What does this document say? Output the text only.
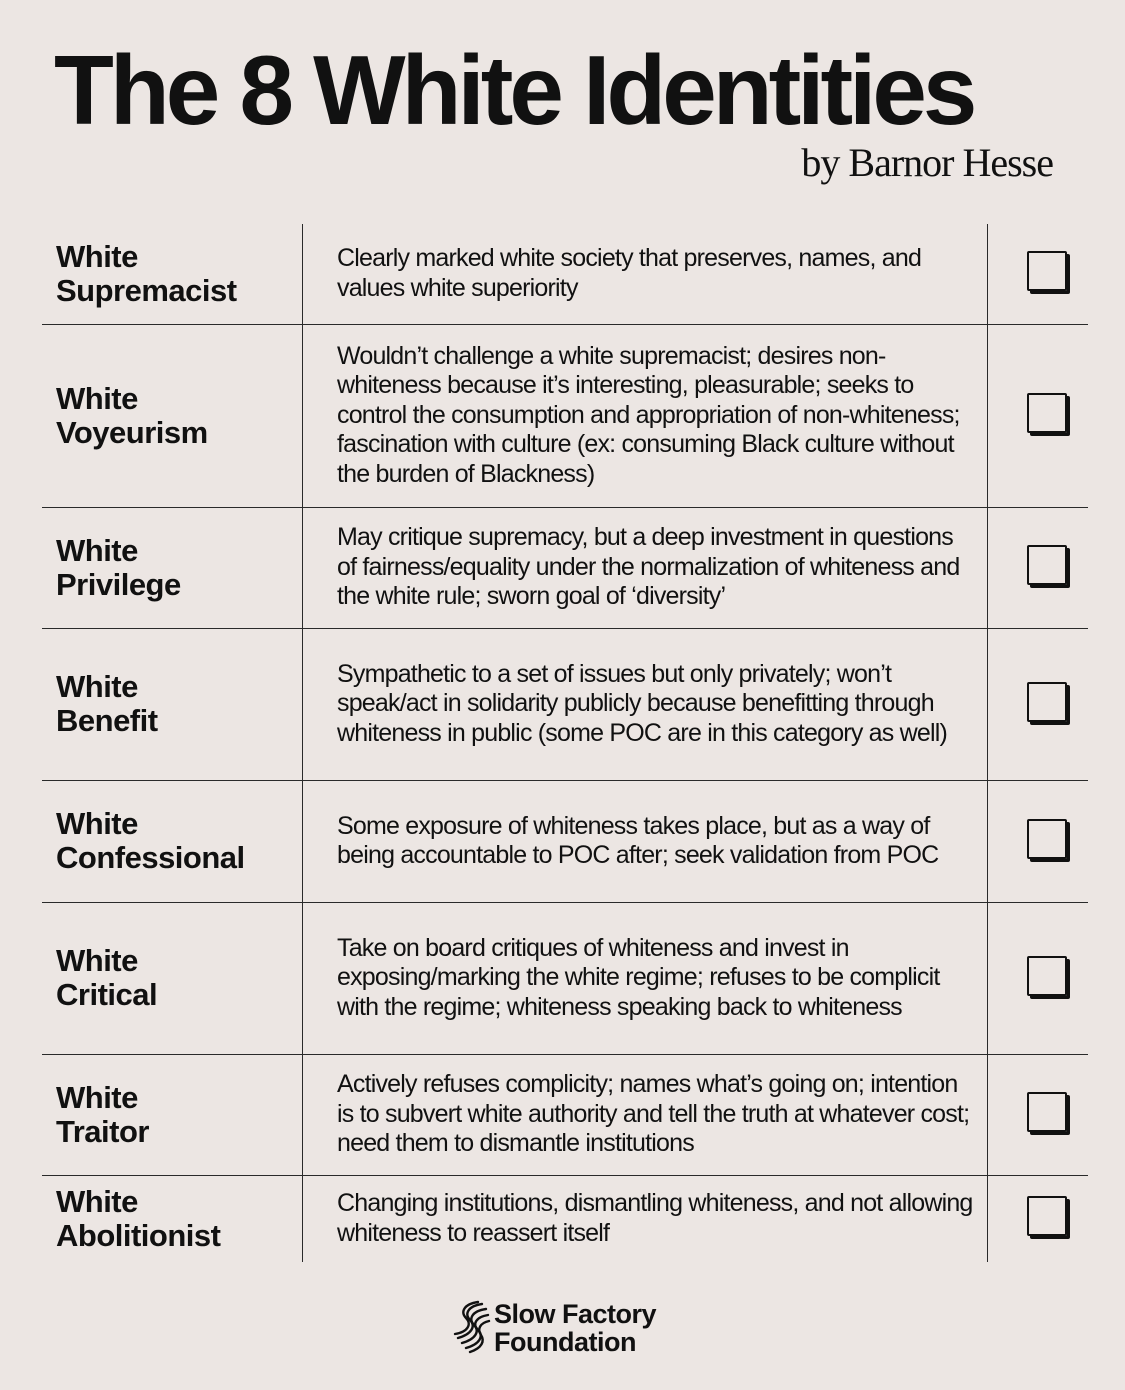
The 8 White Identities
by Barnor Hesse
White
Supremacist	Clearly marked white society that preserves, names, and values white superiority	

White
Voyeurism	Wouldn’t challenge a white supremacist; desires non-whiteness because it’s interesting, pleasurable; seeks to control the consumption and appropriation of non-whiteness; fascination with culture (ex: consuming Black culture without the burden of Blackness)	

White
Privilege	May critique supremacy, but a deep investment in questions of fairness/equality under the normalization of whiteness and the white rule; sworn goal of ‘diversity’	

White
Benefit	Sympathetic to a set of issues but only privately; won’t speak/act in solidarity publicly because benefitting through whiteness in public (some POC are in this category as well)	

White
Confessional	Some exposure of whiteness takes place, but as a way of being accountable to POC after; seek validation from POC	

White
Critical	Take on board critiques of whiteness and invest in exposing/marking the white regime; refuses to be complicit with the regime; whiteness speaking back to whiteness	

White
Traitor	Actively refuses complicity; names what’s going on; intention is to subvert white authority and tell the truth at whatever cost; need them to dismantle institutions	

White
Abolitionist	Changing institutions, dismantling whiteness, and not allowing whiteness to reassert itself	
Slow Factory
Foundation
